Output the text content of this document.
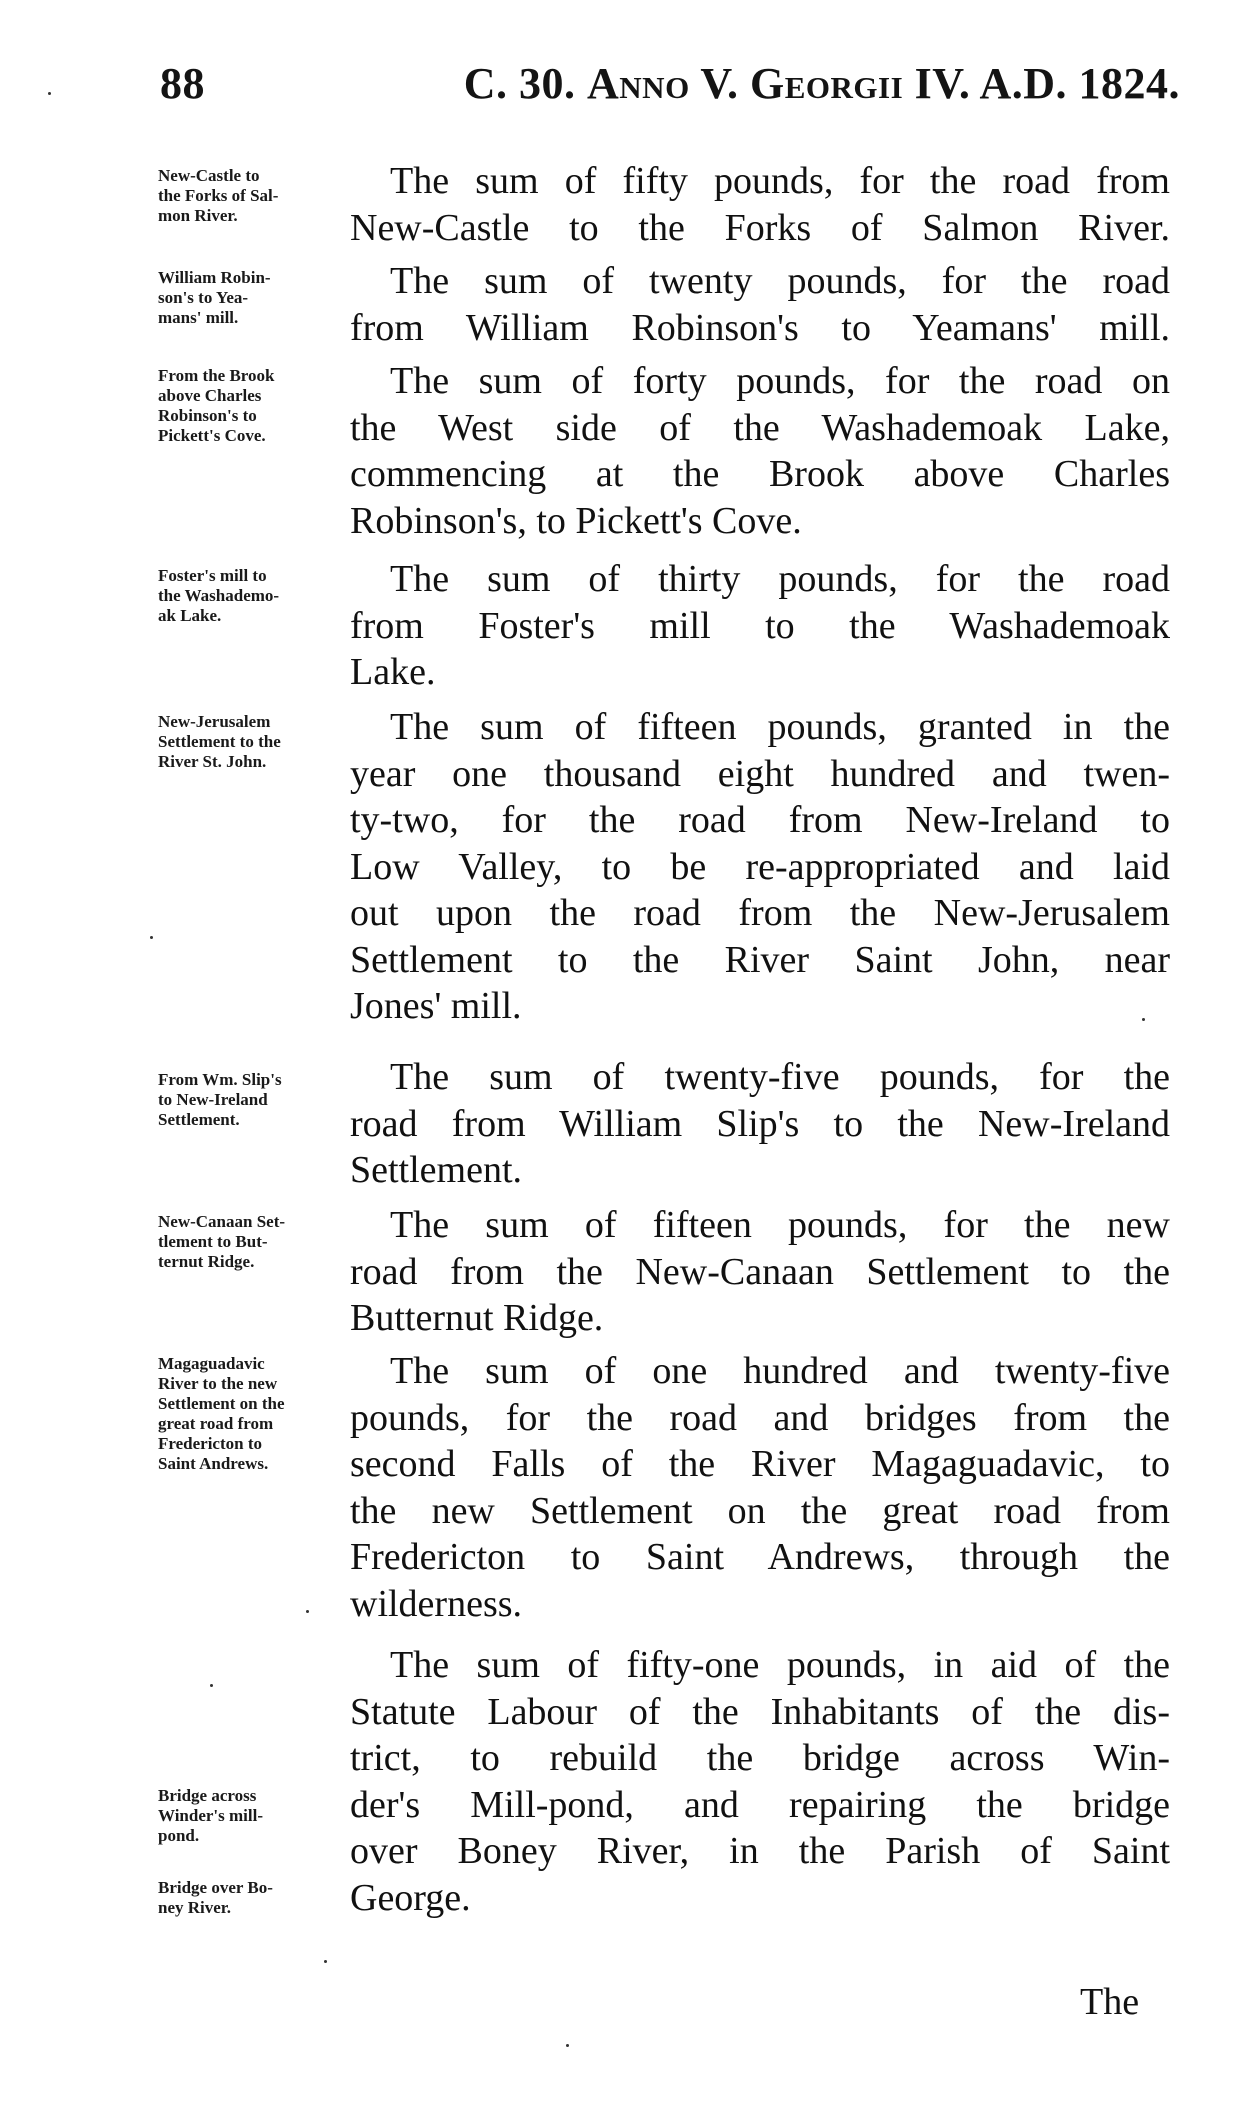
88	C. 30. Anno V. Georgii IV. A.D. 1824.
New-Castle to
the Forks of Sal-
mon River.
The sum of fifty pounds, for the road from
New-Castle to the Forks of Salmon River.
William Robin-
son's to Yea-
mans' mill.
The sum of twenty pounds, for the road
from William Robinson's to Yeamans' mill.
From the Brook
above Charles
Robinson's to
Pickett's Cove.
The sum of forty pounds, for the road on
the West side of the Washademoak Lake,
commencing at the Brook above Charles
Robinson's, to Pickett's Cove.
Foster's mill to
the Washademo-
ak Lake.
The sum of thirty pounds, for the road
from Foster's mill to the Washademoak
Lake.
New-Jerusalem
Settlement to the
River St. John.
The sum of fifteen pounds, granted in the
year one thousand eight hundred and twen-
ty-two, for the road from New-Ireland to
Low Valley, to be re-appropriated and laid
out upon the road from the New-Jerusalem
Settlement to the River Saint John, near
Jones' mill.
From Wm. Slip's
to New-Ireland
Settlement.
The sum of twenty-five pounds, for the
road from William Slip's to the New-Ireland
Settlement.
New-Canaan Set-
tlement to But-
ternut Ridge.
The sum of fifteen pounds, for the new
road from the New-Canaan Settlement to the
Butternut Ridge.
Magaguadavic
River to the new
Settlement on the
great road from
Fredericton to
Saint Andrews.
The sum of one hundred and twenty-five
pounds, for the road and bridges from the
second Falls of the River Magaguadavic, to
the new Settlement on the great road from
Fredericton to Saint Andrews, through the
wilderness.
Bridge across
Winder's mill-
pond.
Bridge over Bo-
ney River.
The sum of fifty-one pounds, in aid of the
Statute Labour of the Inhabitants of the dis-
trict, to rebuild the bridge across Win-
der's Mill-pond, and repairing the bridge
over Boney River, in the Parish of Saint
George.
The
